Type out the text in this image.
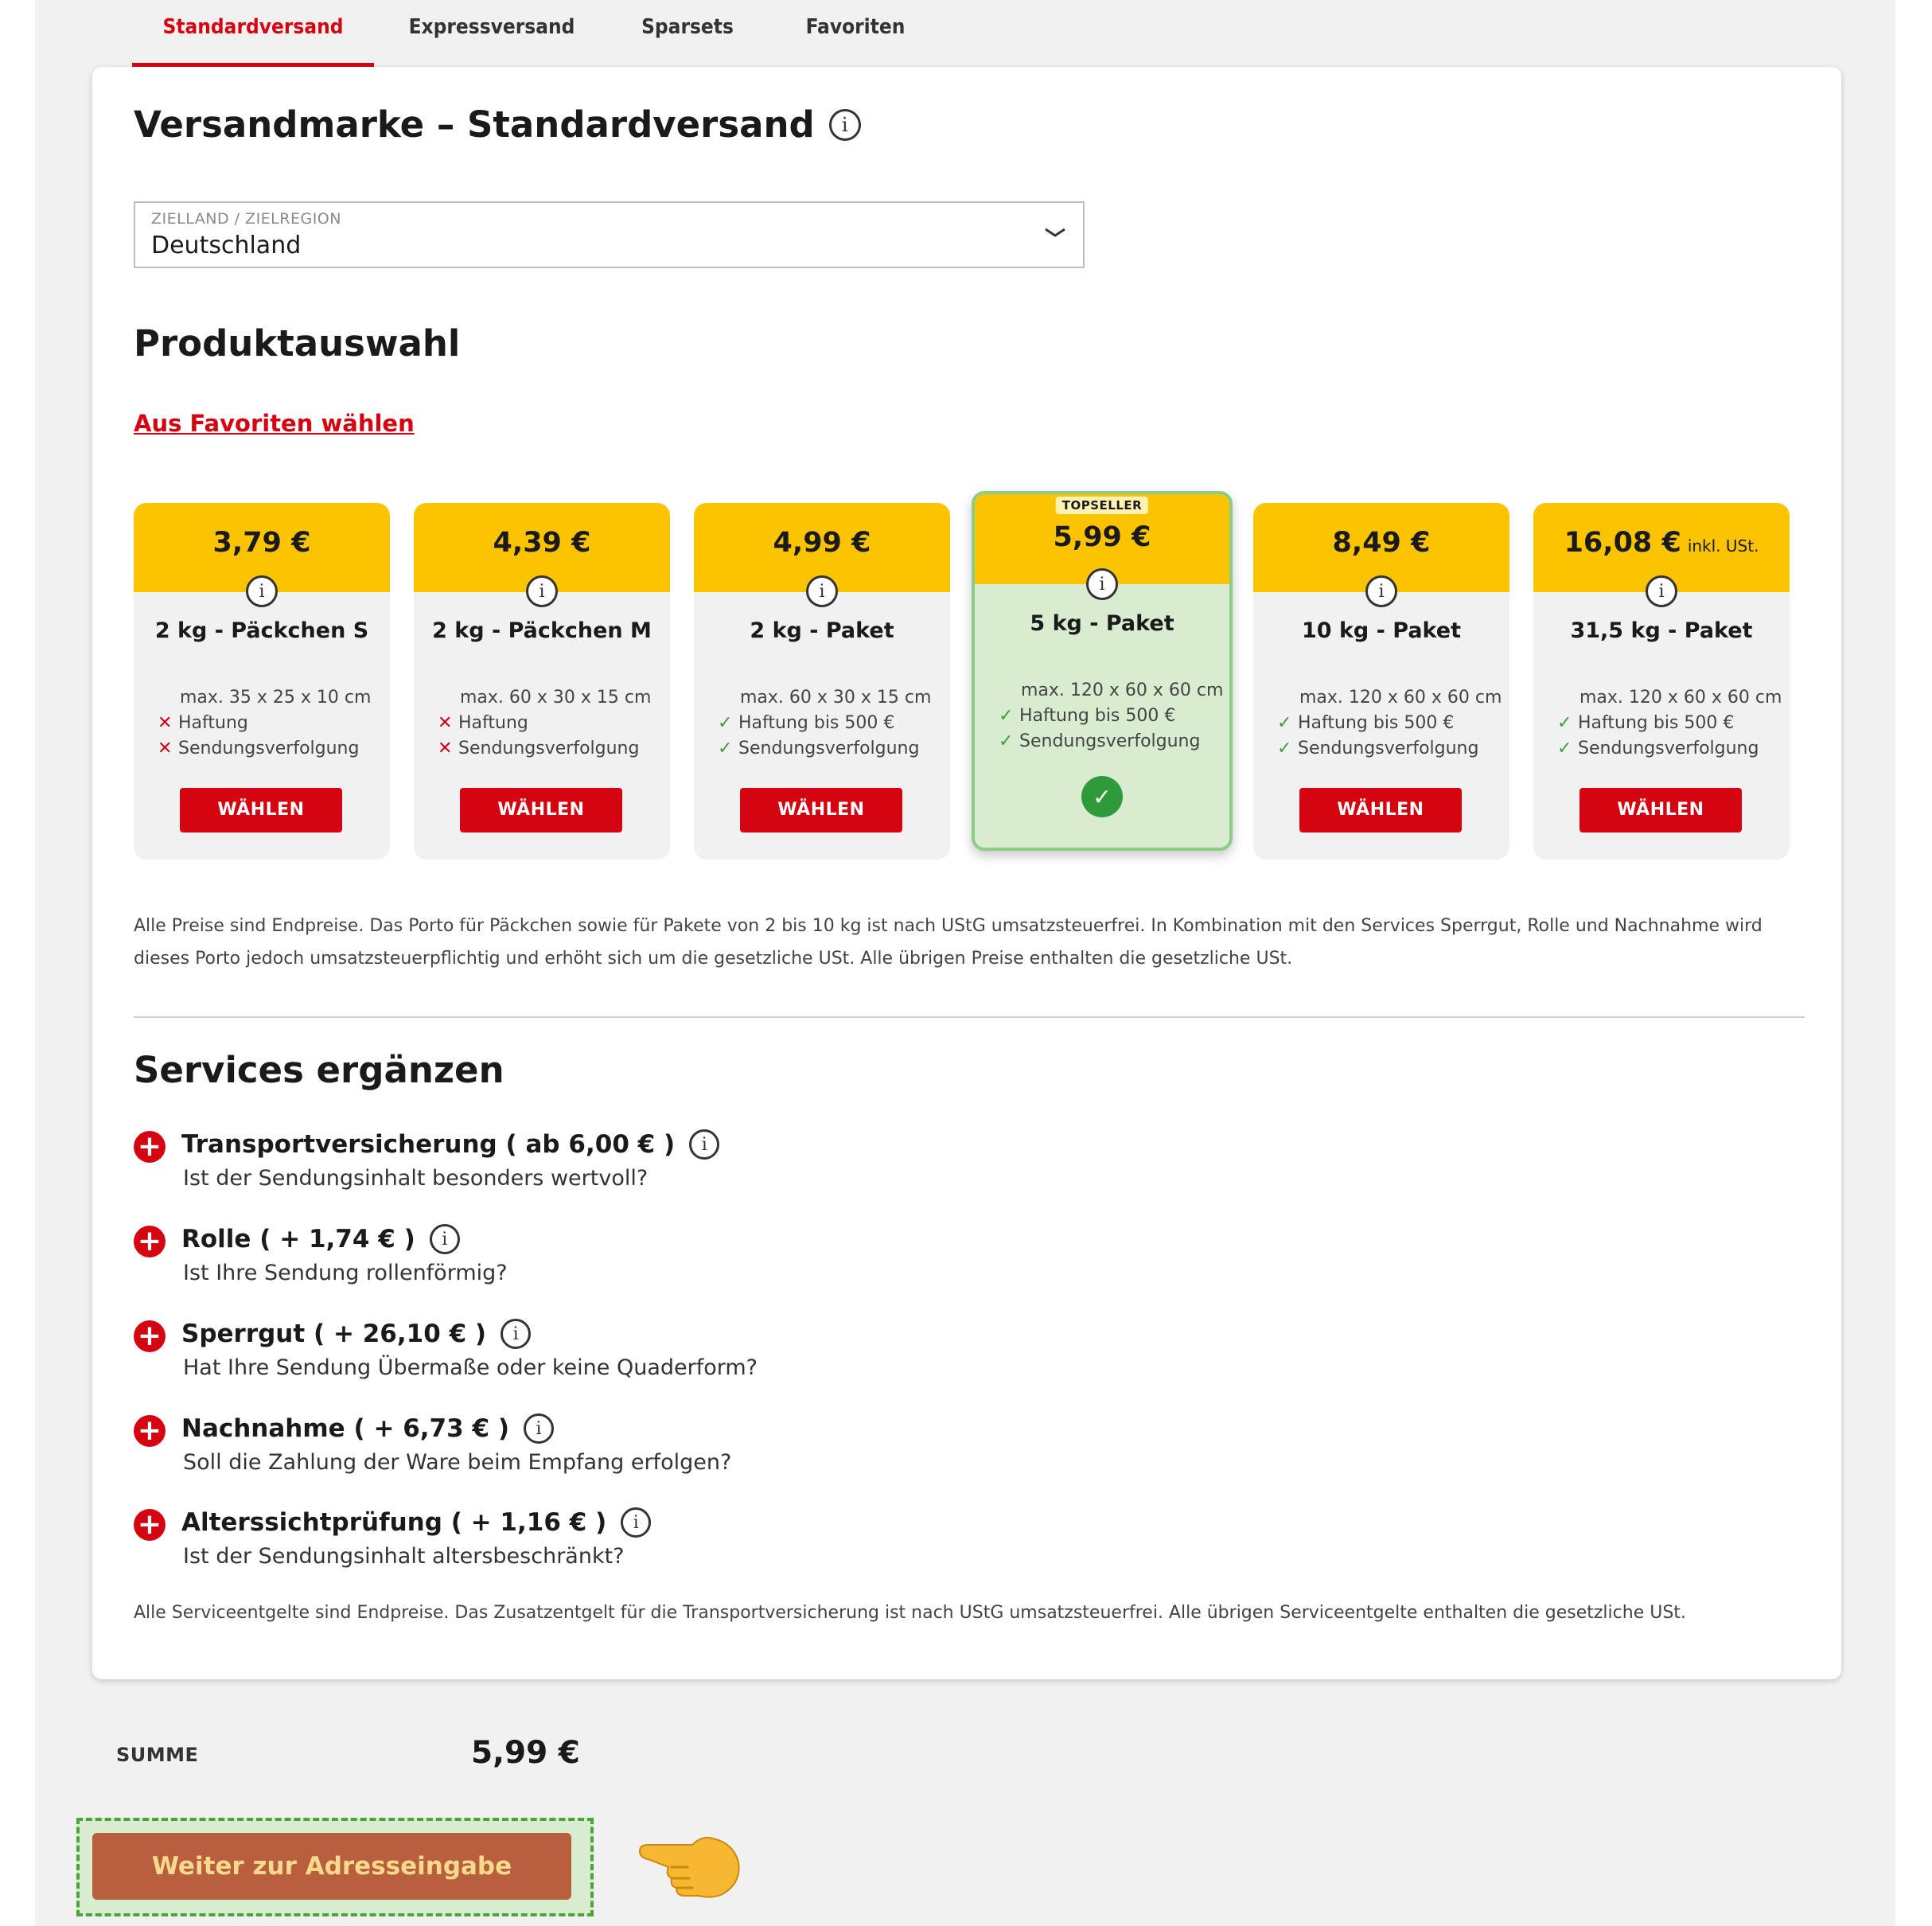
Standardversand	Expressversand	Sparsets	Favoriten
Versandmarke – Standardversand	i
ZIELLAND / ZIELREGION
Deutschland
Produktauswahl
Aus Favoriten wählen
3,79 €
i
2 kg - Päckchen S
max. 35 x 25 x 10 cm
✕ Haftung
✕ Sendungsverfolgung
WÄHLEN
4,39 €
i
2 kg - Päckchen M
max. 60 x 30 x 15 cm
✕ Haftung
✕ Sendungsverfolgung
WÄHLEN
4,99 €
i
2 kg - Paket
max. 60 x 30 x 15 cm
✓ Haftung bis 500 €
✓ Sendungsverfolgung
WÄHLEN
TOPSELLER
5,99 €
i
5 kg - Paket
max. 120 x 60 x 60 cm
✓ Haftung bis 500 €
✓ Sendungsverfolgung
✓
8,49 €
i
10 kg - Paket
max. 120 x 60 x 60 cm
✓ Haftung bis 500 €
✓ Sendungsverfolgung
WÄHLEN
16,08 € inkl. USt.
i
31,5 kg - Paket
max. 120 x 60 x 60 cm
✓ Haftung bis 500 €
✓ Sendungsverfolgung
WÄHLEN
Alle Preise sind Endpreise. Das Porto für Päckchen sowie für Pakete von 2 bis 10 kg ist nach UStG umsatzsteuerfrei. In Kombination mit den Services Sperrgut, Rolle und Nachnahme wird dieses Porto jedoch umsatzsteuerpflichtig und erhöht sich um die gesetzliche USt. Alle übrigen Preise enthalten die gesetzliche USt.
Services ergänzen
+ Transportversicherung ( ab 6,00 € )	i
Ist der Sendungsinhalt besonders wertvoll?
+ Rolle ( + 1,74 € )	i
Ist Ihre Sendung rollenförmig?
+ Sperrgut ( + 26,10 € )	i
Hat Ihre Sendung Übermaße oder keine Quaderform?
+ Nachnahme ( + 6,73 € )	i
Soll die Zahlung der Ware beim Empfang erfolgen?
+ Alterssichtprüfung ( + 1,16 € )	i
Ist der Sendungsinhalt altersbeschränkt?
Alle Serviceentgelte sind Endpreise. Das Zusatzentgelt für die Transportversicherung ist nach UStG umsatzsteuerfrei. Alle übrigen Serviceentgelte enthalten die gesetzliche USt.
SUMME	5,99 €
Weiter zur Adresseingabe
